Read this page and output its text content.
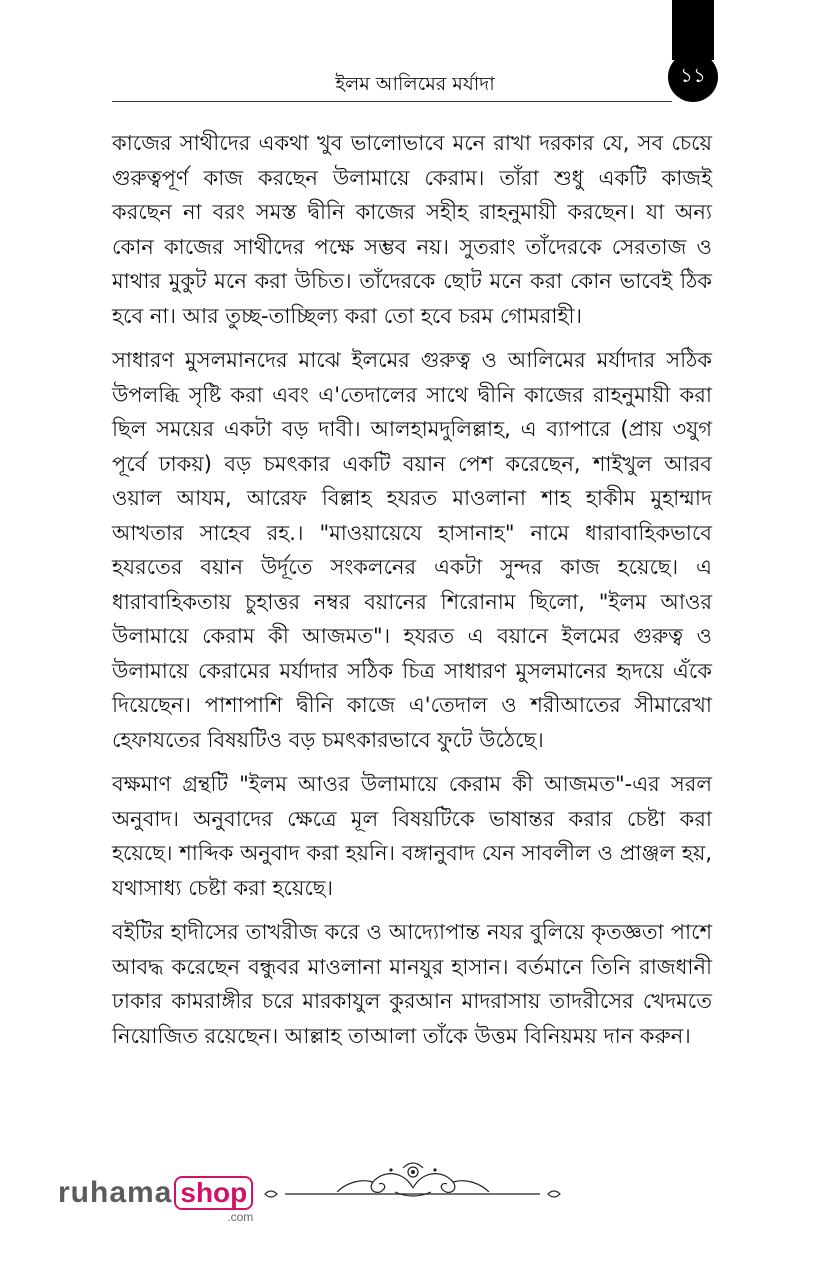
১১
ইলম আলিমের মর্যাদা

কাজের সাথীদের একথা খুব ভালোভাবে মনে রাখা দরকার যে, সব চেয়ে গুরুত্বপূর্ণ কাজ করছেন উলামায়ে কেরাম। তাঁরা শুধু একটি কাজই করছেন না বরং সমস্ত দ্বীনি কাজের সহীহ রাহনুমায়ী করছেন। যা অন্য কোন কাজের সাথীদের পক্ষে সম্ভব নয়। সুতরাং তাঁদেরকে সেরতাজ ও মাথার মুকুট মনে করা উচিত। তাঁদেরকে ছোট মনে করা কোন ভাবেই ঠিক হবে না। আর তুচ্ছ-তাচ্ছিল্য করা তো হবে চরম গোমরাহী।

সাধারণ মুসলমানদের মাঝে ইলমের গুরুত্ব ও আলিমের মর্যাদার সঠিক উপলব্ধি সৃষ্টি করা এবং এ'তেদালের সাথে দ্বীনি কাজের রাহনুমায়ী করা ছিল সময়ের একটা বড় দাবী। আলহামদুলিল্লাহ, এ ব্যাপারে (প্রায় ৩যুগ পূর্বে ঢাকয়) বড় চমৎকার একটি বয়ান পেশ করেছেন, শাইখুল আরব ওয়াল আযম, আরেফ বিল্লাহ হযরত মাওলানা শাহ হাকীম মুহাম্মাদ আখতার সাহেব রহ.। "মাওয়ায়েযে হাসানাহ" নামে ধারাবাহিকভাবে হযরতের বয়ান উর্দূতে সংকলনের একটা সুন্দর কাজ হয়েছে। এ ধারাবাহিকতায় চুহাত্তর নম্বর বয়ানের শিরোনাম ছিলো, "ইলম আওর উলামায়ে কেরাম কী আজমত"। হযরত এ বয়ানে ইলমের গুরুত্ব ও উলামায়ে কেরামের মর্যাদার সঠিক চিত্র সাধারণ মুসলমানের হৃদয়ে এঁকে দিয়েছেন। পাশাপাশি দ্বীনি কাজে এ'তেদাল ও শরীআতের সীমারেখা হেফাযতের বিষয়টিও বড় চমৎকারভাবে ফুটে উঠেছে।

বক্ষমাণ গ্রন্থটি "ইলম আওর উলামায়ে কেরাম কী আজমত"-এর সরল অনুবাদ। অনুবাদের ক্ষেত্রে মূল বিষয়টিকে ভাষান্তর করার চেষ্টা করা হয়েছে। শাব্দিক অনুবাদ করা হয়নি। বঙ্গানুবাদ যেন সাবলীল ও প্রাঞ্জল হয়, যথাসাধ্য চেষ্টা করা হয়েছে।

বইটির হাদীসের তাখরীজ করে ও আদ্যোপান্ত নযর বুলিয়ে কৃতজ্ঞতা পাশে আবদ্ধ করেছেন বন্ধুবর মাওলানা মানযুর হাসান। বর্তমানে তিনি রাজধানী ঢাকার কামরাঙ্গীর চরে মারকাযুল কুরআন মাদরাসায় তাদরীসের খেদমতে নিয়োজিত রয়েছেন। আল্লাহ তাআলা তাঁকে উত্তম বিনিয়ময় দান করুন।

ruhama shop
.com
